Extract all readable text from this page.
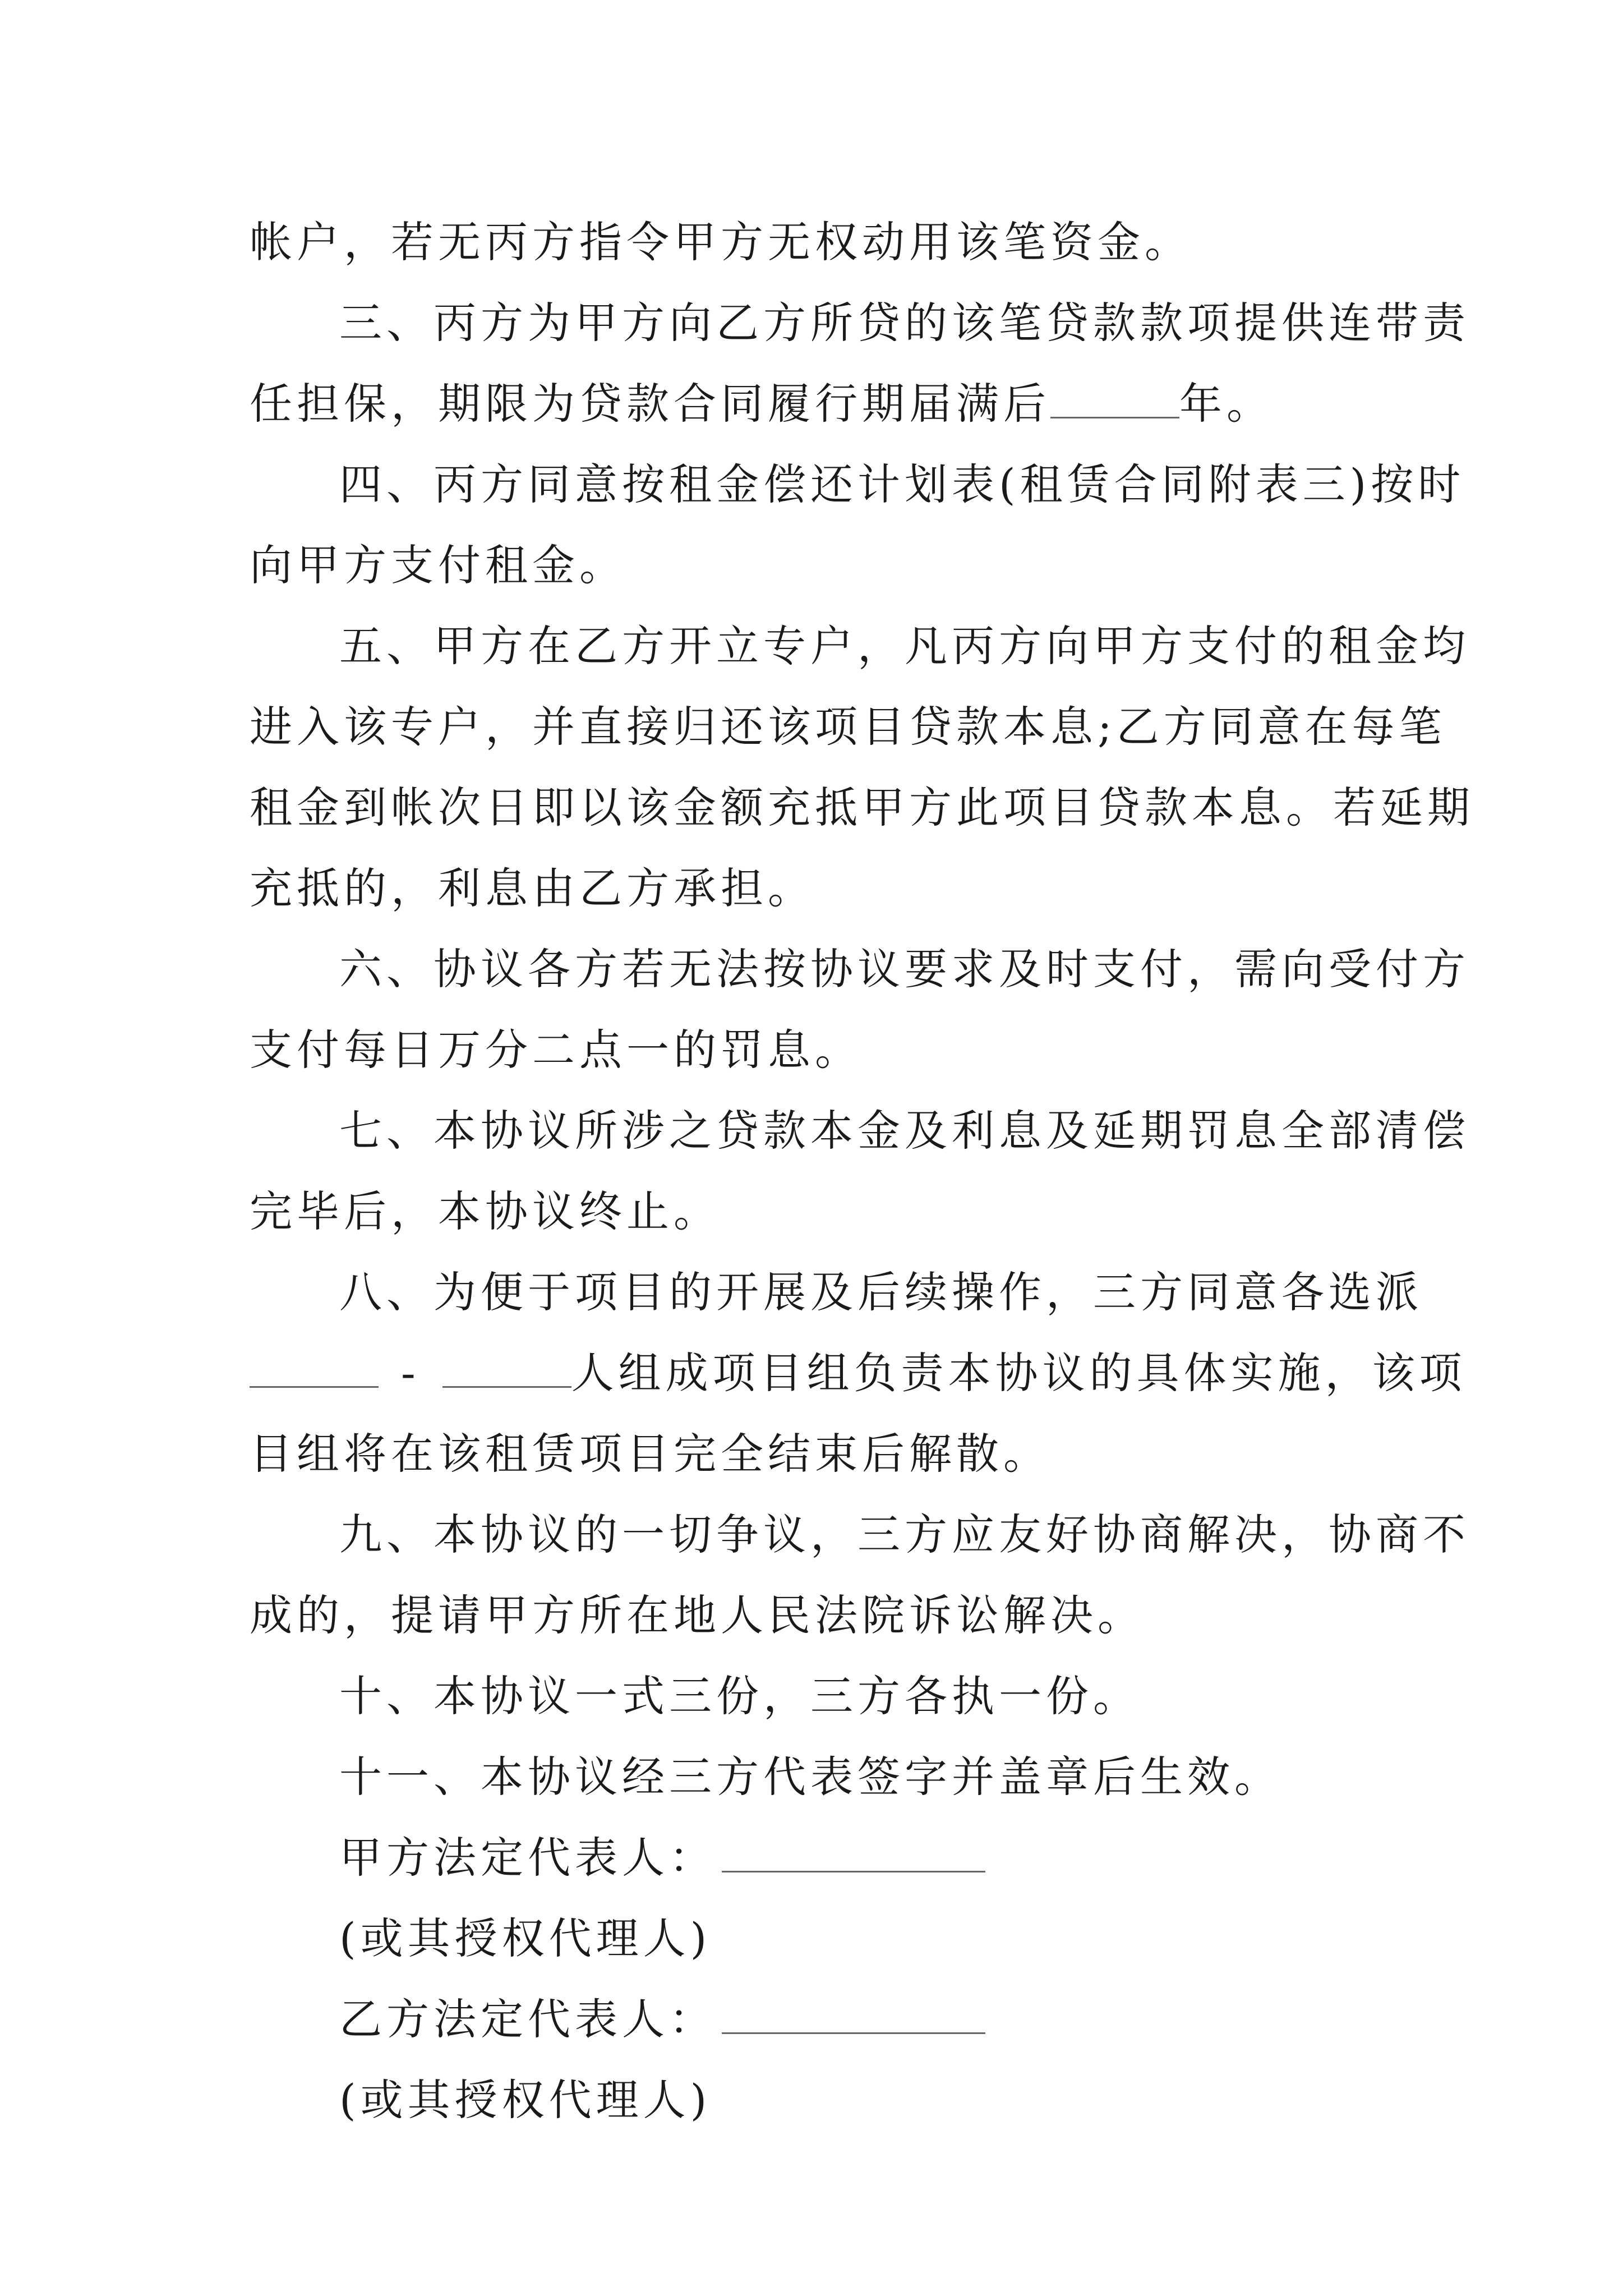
帐户，若无丙方指令甲方无权动用该笔资金。
三、丙方为甲方向乙方所贷的该笔贷款款项提供连带责
任担保，期限为贷款合同履行期届满后	年。
四、丙方同意按租金偿还计划表(租赁合同附表三)按时
向甲方支付租金。
五、甲方在乙方开立专户，凡丙方向甲方支付的租金均
进入该专户，并直接归还该项目贷款本息;乙方同意在每笔
租金到帐次日即以该金额充抵甲方此项目贷款本息。若延期
充抵的，利息由乙方承担。
六、协议各方若无法按协议要求及时支付，需向受付方
支付每日万分二点一的罚息。
七、本协议所涉之贷款本金及利息及延期罚息全部清偿
完毕后，本协议终止。
八、为便于项目的开展及后续操作，三方同意各选派
-	人组成项目组负责本协议的具体实施，该项
目组将在该租赁项目完全结束后解散。
九、本协议的一切争议，三方应友好协商解决，协商不
成的，提请甲方所在地人民法院诉讼解决。
十、本协议一式三份，三方各执一份。
十一、本协议经三方代表签字并盖章后生效。
甲方法定代表人：
(或其授权代理人)
乙方法定代表人：
(或其授权代理人)
